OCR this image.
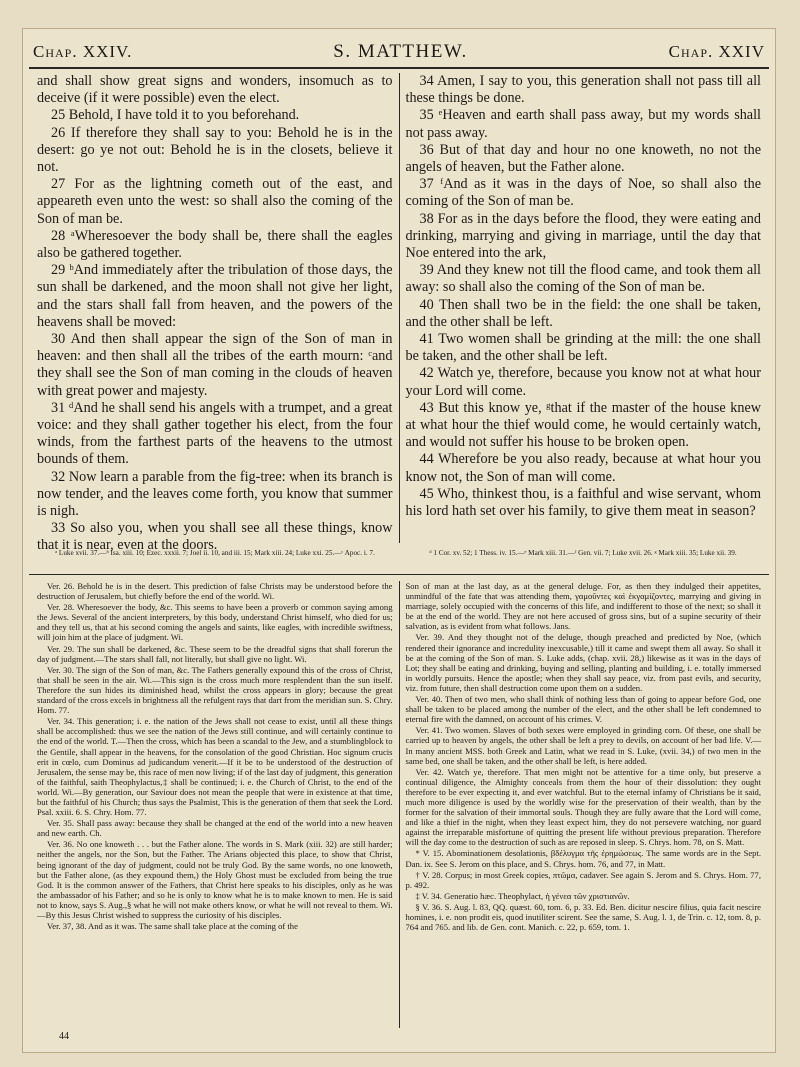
Chap. XXIV.	S. MATTHEW.	Chap. XXIV

and shall show great signs and wonders, insomuch as to deceive (if it were possible) even the elect.

25 Behold, I have told it to you beforehand.

26 If therefore they shall say to you: Behold he is in the desert: go ye not out: Behold he is in the closets, believe it not.

27 For as the lightning cometh out of the east, and appeareth even unto the west: so shall also the coming of the Son of man be.

28 ᵃWheresoever the body shall be, there shall the eagles also be gathered together.

29 ᵇAnd immediately after the tribulation of those days, the sun shall be darkened, and the moon shall not give her light, and the stars shall fall from heaven, and the powers of the heavens shall be moved:

30 And then shall appear the sign of the Son of man in heaven: and then shall all the tribes of the earth mourn: ᶜand they shall see the Son of man coming in the clouds of heaven with great power and majesty.

31 ᵈAnd he shall send his angels with a trumpet, and a great voice: and they shall gather together his elect, from the four winds, from the farthest parts of the heavens to the utmost bounds of them.

32 Now learn a parable from the fig-tree: when its branch is now tender, and the leaves come forth, you know that summer is nigh.

33 So also you, when you shall see all these things, know that it is near, even at the doors.

34 Amen, I say to you, this generation shall not pass till all these things be done.

35 ᵉHeaven and earth shall pass away, but my words shall not pass away.

36 But of that day and hour no one knoweth, no not the angels of heaven, but the Father alone.

37 ᶠAnd as it was in the days of Noe, so shall also the coming of the Son of man be.

38 For as in the days before the flood, they were eating and drinking, marrying and giving in marriage, until the day that Noe entered into the ark,

39 And they knew not till the flood came, and took them all away: so shall also the coming of the Son of man be.

40 Then shall two be in the field: the one shall be taken, and the other shall be left.

41 Two women shall be grinding at the mill: the one shall be taken, and the other shall be left.

42 Watch ye, therefore, because you know not at what hour your Lord will come.

43 But this know ye, ᵍthat if the master of the house knew at what hour the thief would come, he would certainly watch, and would not suffer his house to be broken open.

44 Wherefore be you also ready, because at what hour you know not, the Son of man will come.

45 Who, thinkest thou, is a faithful and wise servant, whom his lord hath set over his family, to give them meat in season?

ᵃ Luke xvii. 37.—ᵇ Isa. xiii. 10; Ezec. xxxii. 7; Joel ii. 10, and iii. 15; Mark xiii. 24; Luke xxi. 25.—ᶜ Apoc. i. 7.	ᵈ 1 Cor. xv. 52; 1 Thess. iv. 15.—ᵉ Mark xiii. 31.—ᶠ Gen. vii. 7; Luke xvii. 26. ᵍ Mark xiii. 35; Luke xii. 39.

Ver. 26. Behold he is in the desert. This prediction of false Christs may be understood before the destruction of Jerusalem, but chiefly before the end of the world. Wi.

Ver. 28. Wheresoever the body, &c. This seems to have been a proverb or common saying among the Jews. Several of the ancient interpreters, by this body, understand Christ himself, who died for us; and they tell us, that at his second coming the angels and saints, like eagles, with incredible swiftness, will join him at the place of judgment. Wi.

Ver. 29. The sun shall be darkened, &c. These seem to be the dreadful signs that shall forerun the day of judgment.—The stars shall fall, not literally, but shall give no light. Wi.

Ver. 30. The sign of the Son of man, &c. The Fathers generally expound this of the cross of Christ, that shall be seen in the air. Wi.—This sign is the cross much more resplendent than the sun itself. Therefore the sun hides its diminished head, whilst the cross appears in glory; because the great standard of the cross excels in brightness all the refulgent rays that dart from the meridian sun. S. Chry. Hom. 77.

Ver. 34. This generation; i. e. the nation of the Jews shall not cease to exist, until all these things shall be accomplished: thus we see the nation of the Jews still continue, and will certainly continue to the end of the world. T.—Then the cross, which has been a scandal to the Jew, and a stumblingblock to the Gentile, shall appear in the heavens, for the consolation of the good Christian. Hoc signum crucis erit in cœlo, cum Dominus ad judicandum venerit.—If it be to be understood of the destruction of Jerusalem, the sense may be, this race of men now living; if of the last day of judgment, this generation of the faithful, saith Theophylactus,‡ shall be continued; i. e. the Church of Christ, to the end of the world. Wi.—By generation, our Saviour does not mean the people that were in existence at that time, but the faithful of his Church; thus says the Psalmist, This is the generation of them that seek the Lord. Psal. xxiii. 6. S. Chry. Hom. 77.

Ver. 35. Shall pass away: because they shall be changed at the end of the world into a new heaven and new earth. Ch.

Ver. 36. No one knoweth . . . but the Father alone. The words in S. Mark (xiii. 32) are still harder; neither the angels, nor the Son, but the Father. The Arians objected this place, to show that Christ, being ignorant of the day of judgment, could not be truly God. By the same words, no one knoweth, but the Father alone, (as they expound them,) the Holy Ghost must be excluded from being the true God. It is the common answer of the Fathers, that Christ here speaks to his disciples, only as he was the ambassador of his Father; and so he is only to know what he is to make known to men. He is said not to know, says S. Aug.,§ what he will not make others know, or what he will not reveal to them. Wi.—By this Jesus Christ wished to suppress the curiosity of his disciples.

Ver. 37, 38. And as it was. The same shall take place at the coming of the

Son of man at the last day, as at the general deluge. For, as then they indulged their appetites, unmindful of the fate that was attending them, γαμοῦντες καὶ ἐκγαμίζοντες, marrying and giving in marriage, solely occupied with the concerns of this life, and indifferent to those of the next; so shall it be at the end of the world. They are not here accused of gross sins, but of a supine security of their salvation, as is evident from what follows. Jans.

Ver. 39. And they thought not of the deluge, though preached and predicted by Noe, (which rendered their ignorance and incredulity inexcusable,) till it came and swept them all away. So shall it be at the coming of the Son of man. S. Luke adds, (chap. xvii. 28,) likewise as it was in the days of Lot; they shall be eating and drinking, buying and selling, planting and building, i. e. totally immersed in worldly pursuits. Hence the apostle; when they shall say peace, viz. from past evils, and security, viz. from future, then shall destruction come upon them on a sudden.

Ver. 40. Then of two men, who shall think of nothing less than of going to appear before God, one shall be taken to be placed among the number of the elect, and the other shall be left condemned to eternal fire with the damned, on account of his crimes. V.

Ver. 41. Two women. Slaves of both sexes were employed in grinding corn. Of these, one shall be carried up to heaven by angels, the other shall be left a prey to devils, on account of her bad life. V.—In many ancient MSS. both Greek and Latin, what we read in S. Luke, (xvii. 34,) of two men in the same bed, one shall be taken, and the other shall be left, is here added.

Ver. 42. Watch ye, therefore. That men might not be attentive for a time only, but preserve a continual diligence, the Almighty conceals from them the hour of their dissolution: they ought therefore to be ever expecting it, and ever watchful. But to the eternal infamy of Christians be it said, much more diligence is used by the worldly wise for the preservation of their wealth, than by the former for the salvation of their immortal souls. Though they are fully aware that the Lord will come, and like a thief in the night, when they least expect him, they do not persevere watching, nor guard against the irreparable misfortune of quitting the present life without previous preparation. Therefore will the day come to the destruction of such as are reposed in sleep. S. Chrys. hom. 78, on S. Matt.

* V. 15. Abominationem desolationis, βδέλυγμα τῆς ἐρημώσεως. The same words are in the Sept. Dan. ix. See S. Jerom on this place, and S. Chrys. hom. 76, and 77, in Matt.

† V. 28. Corpus; in most Greek copies, πτῶμα, cadaver. See again S. Jerom and S. Chrys. Hom. 77, p. 492.

‡ V. 34. Generatio hæc. Theophylact, ἡ γένεα τῶν χριστιανῶν.

§ V. 36. S. Aug. l. 83, QQ. quæst. 60, tom. 6, p. 33. Ed. Ben. dicitur nescire filius, quia facit nescire homines, i. e. non prodit eis, quod inutiliter scirent. See the same, S. Aug. l. 1, de Trin. c. 12, tom. 8, p. 764 and 765. and lib. de Gen. cont. Manich. c. 22, p. 659, tom. 1.

44
